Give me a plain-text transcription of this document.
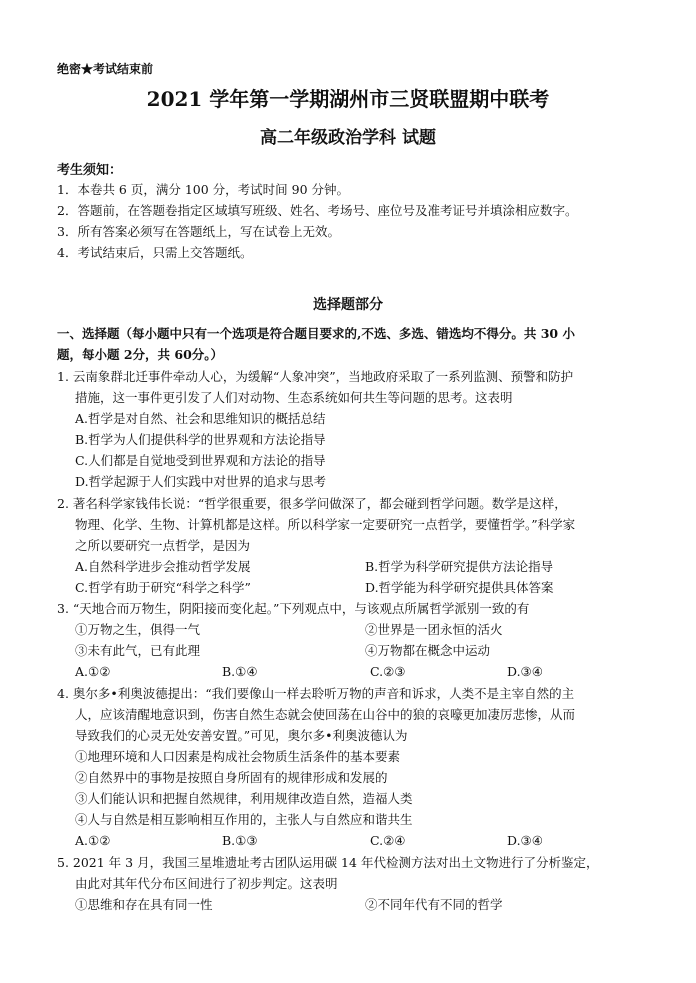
绝密★考试结束前
2021 学年第一学期湖州市三贤联盟期中联考
高二年级政治学科 试题
考生须知：
1．本卷共 6 页，满分 100 分，考试时间 90 分钟。
2．答题前，在答题卷指定区域填写班级、姓名、考场号、座位号及准考证号并填涂相应数字。
3．所有答案必须写在答题纸上，写在试卷上无效。
4．考试结束后，只需上交答题纸。
选择题部分
一、选择题（每小题中只有一个选项是符合题目要求的,不选、多选、错选均不得分。共 30 小
题，每小题 2分，共 60分。）
1. 云南象群北迁事件牵动人心，为缓解“人象冲突”，当地政府采取了一系列监测、预警和防护
措施，这一事件更引发了人们对动物、生态系统如何共生等问题的思考。这表明
A.哲学是对自然、社会和思维知识的概括总结
B.哲学为人们提供科学的世界观和方法论指导
C.人们都是自觉地受到世界观和方法论的指导
D.哲学起源于人们实践中对世界的追求与思考
2. 著名科学家钱伟长说：“哲学很重要，很多学问做深了，都会碰到哲学问题。数学是这样，
物理、化学、生物、计算机都是这样。所以科学家一定要研究一点哲学，要懂哲学。”科学家
之所以要研究一点哲学，是因为
A.自然科学进步会推动哲学发展	B.哲学为科学研究提供方法论指导
C.哲学有助于研究“科学之科学”	D.哲学能为科学研究提供具体答案
3. “天地合而万物生，阴阳接而变化起。”下列观点中，与该观点所属哲学派别一致的有
①万物之生，俱得一气	②世界是一团永恒的活火
③未有此气，已有此理	④万物都在概念中运动
A.①②	B.①④	C.②③	D.③④
4. 奥尔多•利奥波德提出：“我们要像山一样去聆听万物的声音和诉求，人类不是主宰自然的主
人，应该清醒地意识到，伤害自然生态就会使回荡在山谷中的狼的哀嚎更加凄厉悲惨，从而
导致我们的心灵无处安善安置。”可见，奥尔多•利奥波德认为
①地理环境和人口因素是构成社会物质生活条件的基本要素
②自然界中的事物是按照自身所固有的规律形成和发展的
③人们能认识和把握自然规律，利用规律改造自然，造福人类
④人与自然是相互影响相互作用的，主张人与自然应和谐共生
A.①②	B.①③	C.②④	D.③④
5. 2021 年 3 月，我国三星堆遗址考古团队运用碳 14 年代检测方法对出土文物进行了分析鉴定，
由此对其年代分布区间进行了初步判定。这表明
①思维和存在具有同一性	②不同年代有不同的哲学
